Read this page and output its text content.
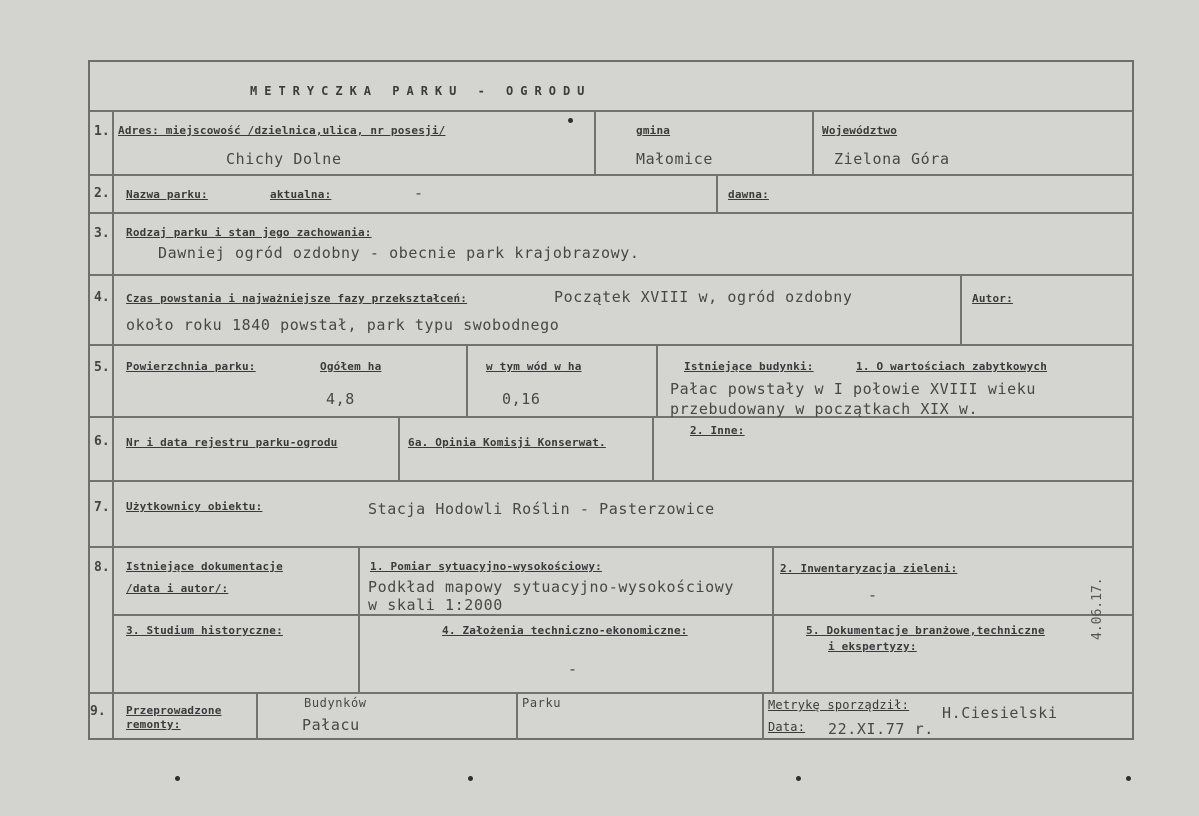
METRYCZKA PARKU - OGRODU
1. Adres: miejscowość /dzielnica,ulica, nr posesji/
Chichy Dolne
gmina
Małomice
Województwo
Zielona Góra
2. Nazwa parku:	aktualna:	-	dawna:
3. Rodzaj parku i stan jego zachowania:
Dawniej ogród ozdobny - obecnie park krajobrazowy.
4. Czas powstania i najważniejsze fazy przekształceń:	Początek XVIII w, ogród ozdobny
około roku 1840 powstał, park typu swobodnego
Autor:
5. Powierzchnia parku:	Ogółem ha
4,8
w tym wód w ha
0,16
Istniejące budynki:	1. O wartościach zabytkowych
Pałac powstały w I połowie XVIII wieku
przebudowany w początkach XIX w.
6. Nr i data rejestru parku-ogrodu	6a. Opinia Komisji Konserwat.
2. Inne:
7. Użytkownicy obiektu:	Stacja Hodowli Roślin - Pasterzowice
8. Istniejące dokumentacje
/data i autor/:
1. Pomiar sytuacyjno-wysokościowy:
Podkład mapowy sytuacyjno-wysokościowy
w skali 1:2000
2. Inwentaryzacja zieleni:
-
3. Studium historyczne:	4. Założenia techniczno-ekonomiczne:
-
5. Dokumentacje branżowe,techniczne
i ekspertyzy:
9. Przeprowadzone
remonty:
Budynków
Pałacu
Parku	Metrykę sporządził: H.Ciesielski
Data: 22.XI.77 r.
4.06.17.
